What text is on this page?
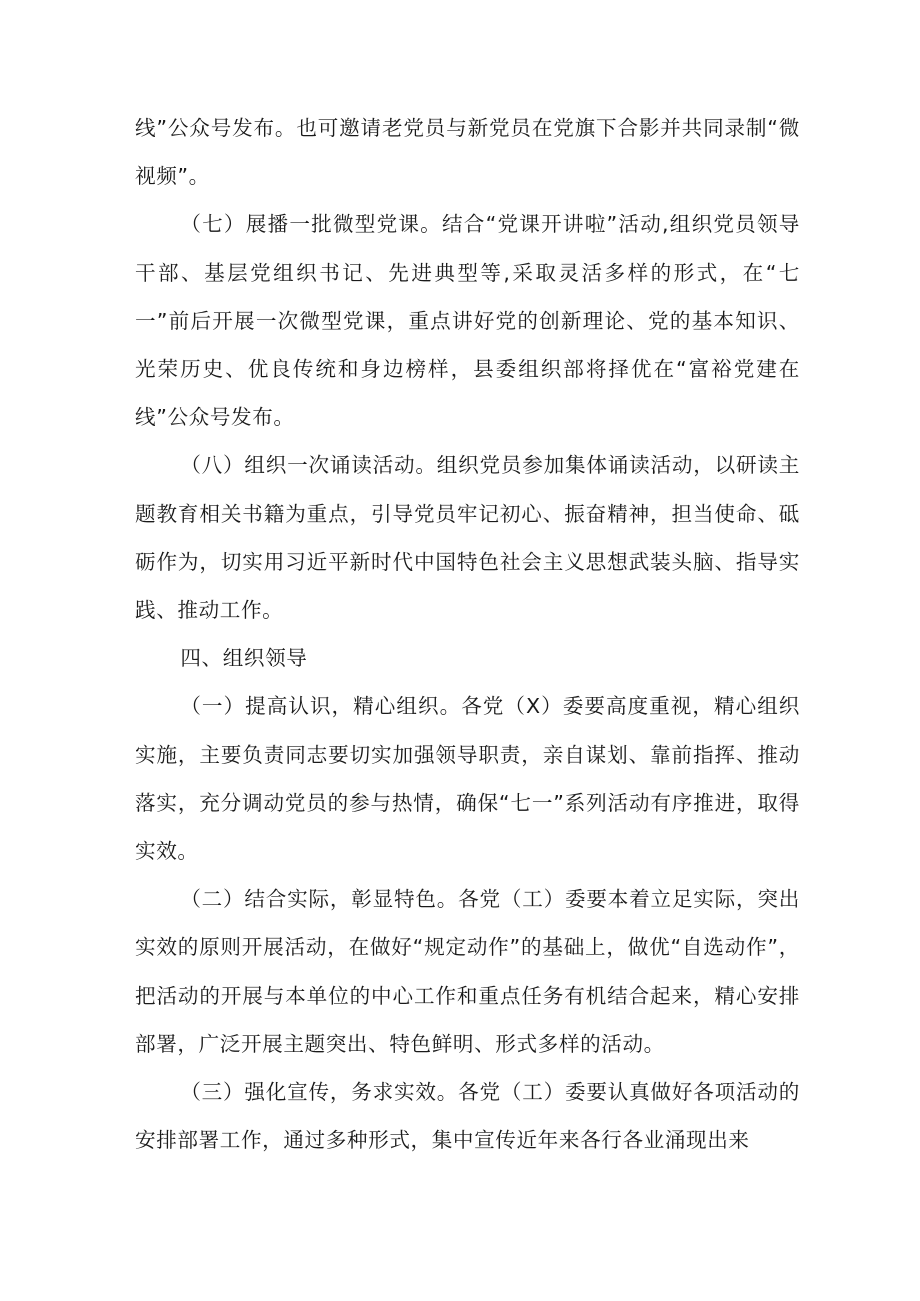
线”公众号发布。也可邀请老党员与新党员在党旗下合影并共同录制“微视频”。

（七）展播一批微型党课。结合“党课开讲啦”活动,组织党员领导干部、基层党组织书记、先进典型等,采取灵活多样的形式，在“七一”前后开展一次微型党课，重点讲好党的创新理论、党的基本知识、光荣历史、优良传统和身边榜样，县委组织部将择优在“富裕党建在线”公众号发布。

（八）组织一次诵读活动。组织党员参加集体诵读活动，以研读主题教育相关书籍为重点，引导党员牢记初心、振奋精神，担当使命、砥砺作为，切实用习近平新时代中国特色社会主义思想武装头脑、指导实践、推动工作。

四、组织领导

（一）提高认识，精心组织。各党（X）委要高度重视，精心组织实施，主要负责同志要切实加强领导职责，亲自谋划、靠前指挥、推动落实，充分调动党员的参与热情，确保“七一”系列活动有序推进，取得实效。

（二）结合实际，彰显特色。各党（工）委要本着立足实际，突出实效的原则开展活动，在做好“规定动作”的基础上，做优“自选动作”，把活动的开展与本单位的中心工作和重点任务有机结合起来，精心安排部署，广泛开展主题突出、特色鲜明、形式多样的活动。

（三）强化宣传，务求实效。各党（工）委要认真做好各项活动的安排部署工作，通过多种形式，集中宣传近年来各行各业涌现出来
